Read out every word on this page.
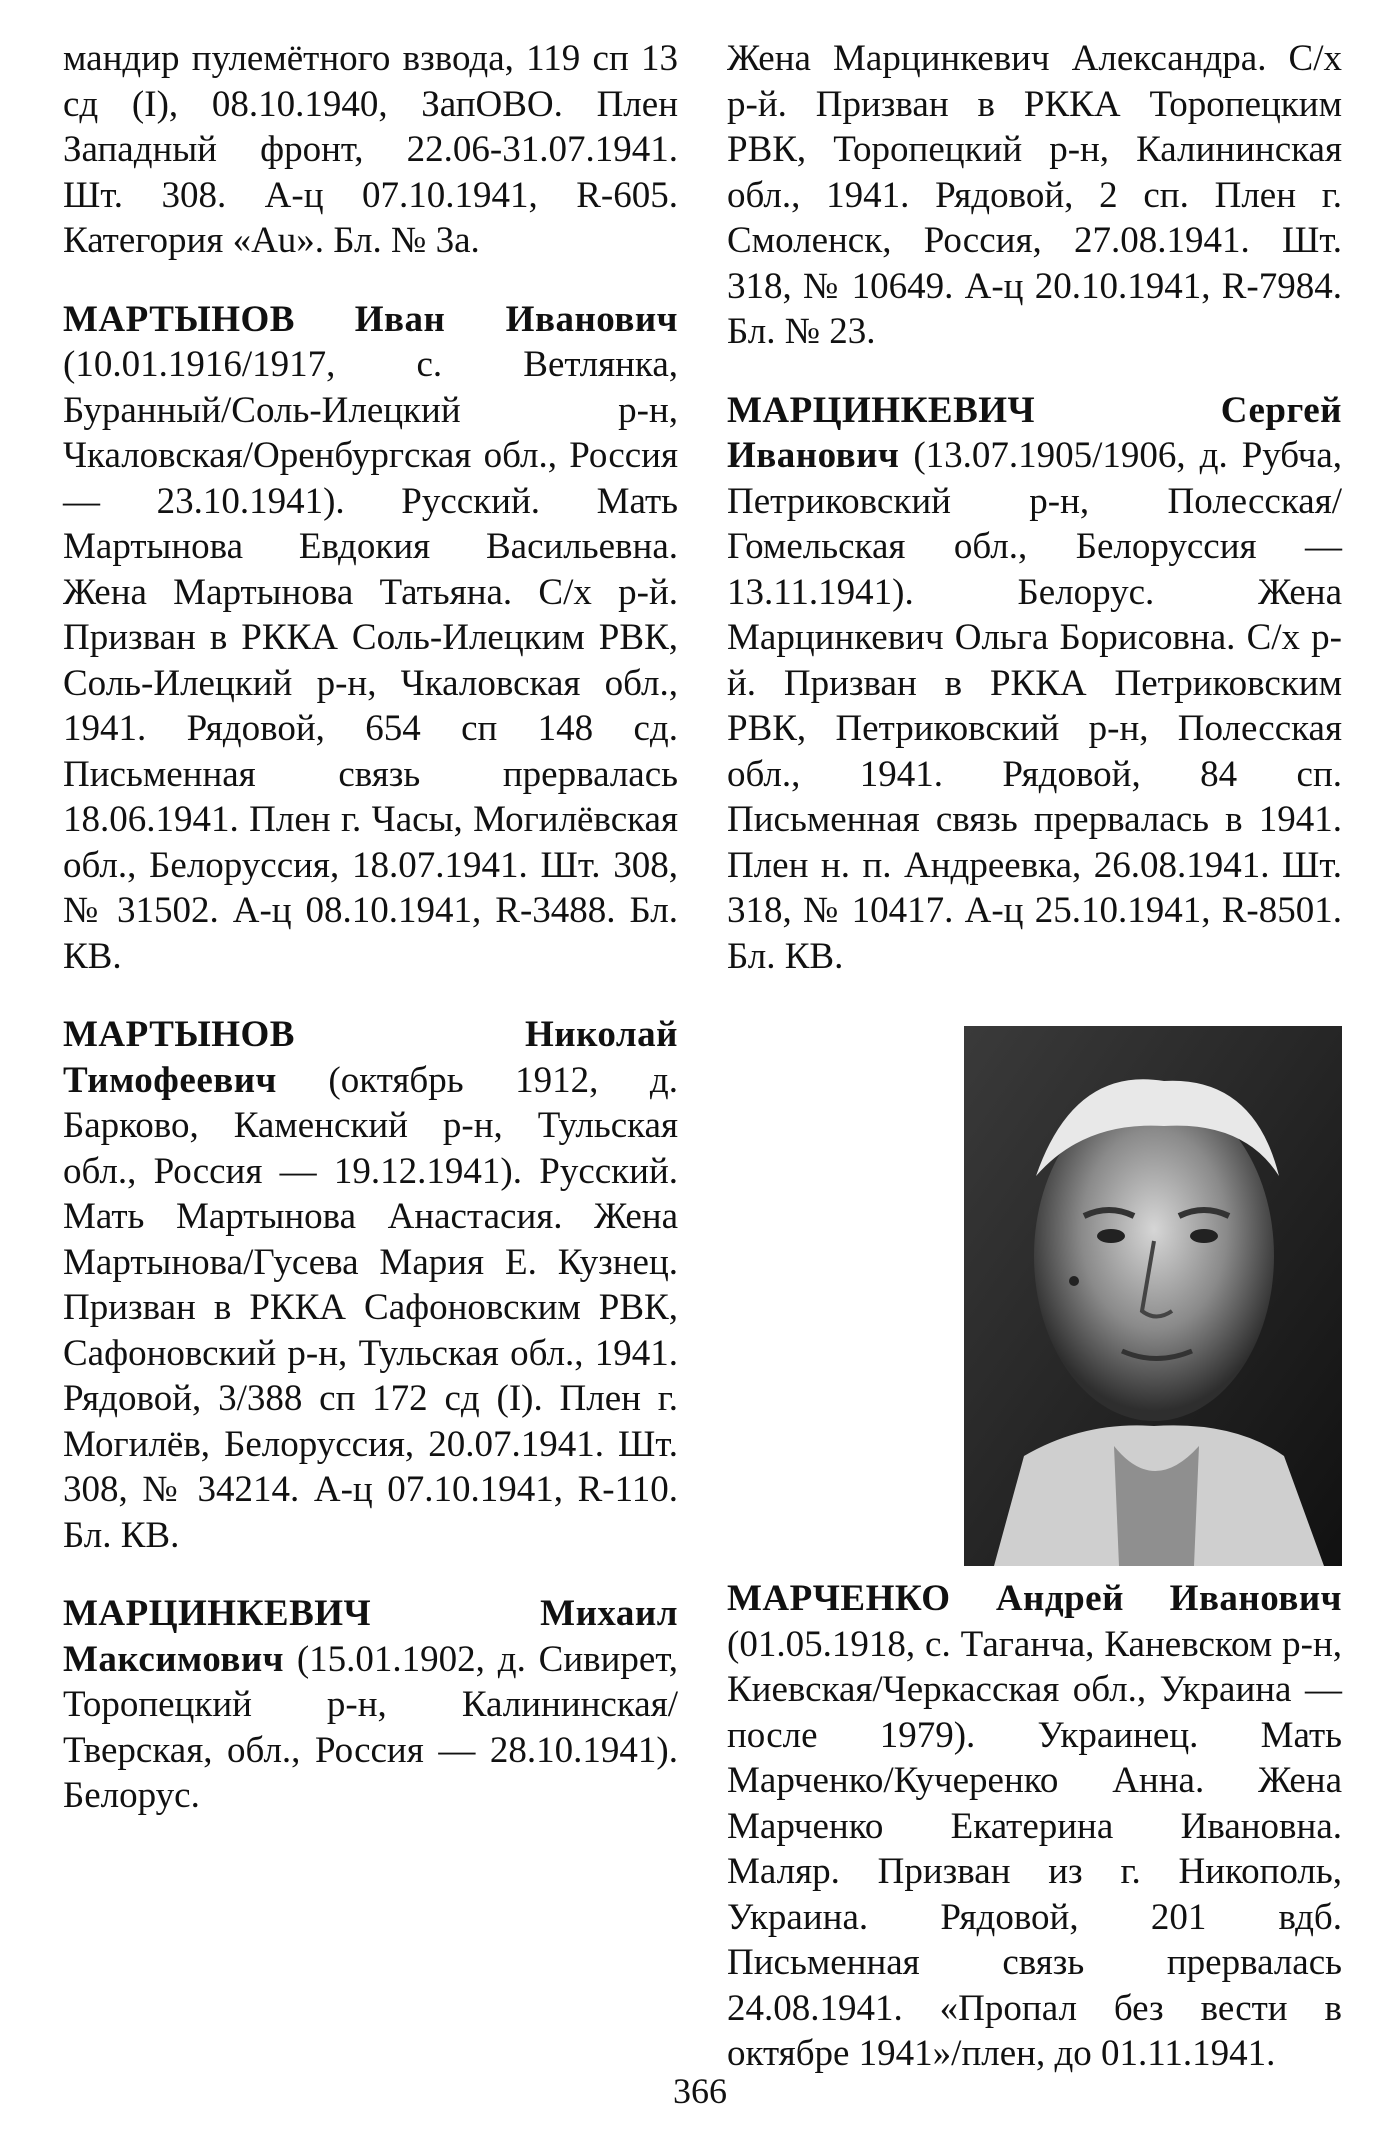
мандир пулемётного взвода, 119 сп 13 сд (I), 08.10.1940, ЗапОВО. Плен Западный фронт, 22.06-31.07.1941. Шт. 308. А-ц 07.10.1941, R-605. Категория «Au». Бл. № 3а.

МАРТЫНОВ Иван Иванович (10.01.1916/1917, с. Ветлянка, Буранный/Соль-Илецкий р-н, Чкаловская/Оренбургская обл., Россия — 23.10.1941). Русский. Мать Мартынова Евдокия Васильевна. Жена Мартынова Татьяна. С/х р-й. Призван в РККА Соль-Илецким РВК, Соль-Илецкий р-н, Чкаловская обл., 1941. Рядовой, 654 сп 148 сд. Письменная связь прервалась 18.06.1941. Плен г. Часы, Могилёвская обл., Белоруссия, 18.07.1941. Шт. 308, № 31502. А-ц 08.10.1941, R-3488. Бл. КВ.

МАРТЫНОВ	Николай Тимофеевич (октябрь 1912, д. Барково, Каменский р-н, Тульская обл., Россия — 19.12.1941). Русский. Мать Мартынова Анастасия. Жена Мартынова/Гусева Мария Е. Кузнец. Призван в РККА Сафоновским РВК, Сафоновский р-н, Тульская обл., 1941. Рядовой, 3/388 сп 172 сд (I). Плен г. Могилёв, Белоруссия, 20.07.1941. Шт. 308, № 34214. А-ц 07.10.1941, R-110. Бл. КВ.

МАРЦИНКЕВИЧ	Михаил Максимович (15.01.1902, д. Сивирет, Торопецкий р-н, Калининская/Тверская, обл., Россия — 28.10.1941). Белорус.

Жена Марцинкевич Александра. С/х р-й. Призван в РККА Торопецким РВК, Торопецкий р-н, Калининская обл., 1941. Рядовой, 2 сп. Плен г. Смоленск, Россия, 27.08.1941. Шт. 318, № 10649. А-ц 20.10.1941, R-7984. Бл. № 23.

МАРЦИНКЕВИЧ	Сергей Иванович (13.07.1905/1906, д. Рубча, Петриковский р-н, Полесская/Гомельская обл., Белоруссия — 13.11.1941). Белорус. Жена Марцинкевич Ольга Борисовна. С/х р-й. Призван в РККА Петриковским РВК, Петриковский р-н, Полесская обл., 1941. Рядовой, 84 сп. Письменная связь прервалась в 1941. Плен н. п. Андреевка, 26.08.1941. Шт. 318, № 10417. А-ц 25.10.1941, R-8501. Бл. КВ.

МАРЧЕНКО Андрей Иванович (01.05.1918, с. Таганча, Каневском р-н, Киевская/Черкасская обл., Украина — после 1979). Украинец. Мать Марченко/Кучеренко Анна. Жена Марченко Екатерина Ивановна. Маляр. Призван из г. Никополь, Украина. Рядовой, 201 вдб. Письменная связь прервалась 24.08.1941. «Пропал без вести в октябре 1941»/плен, до 01.11.1941.
366
